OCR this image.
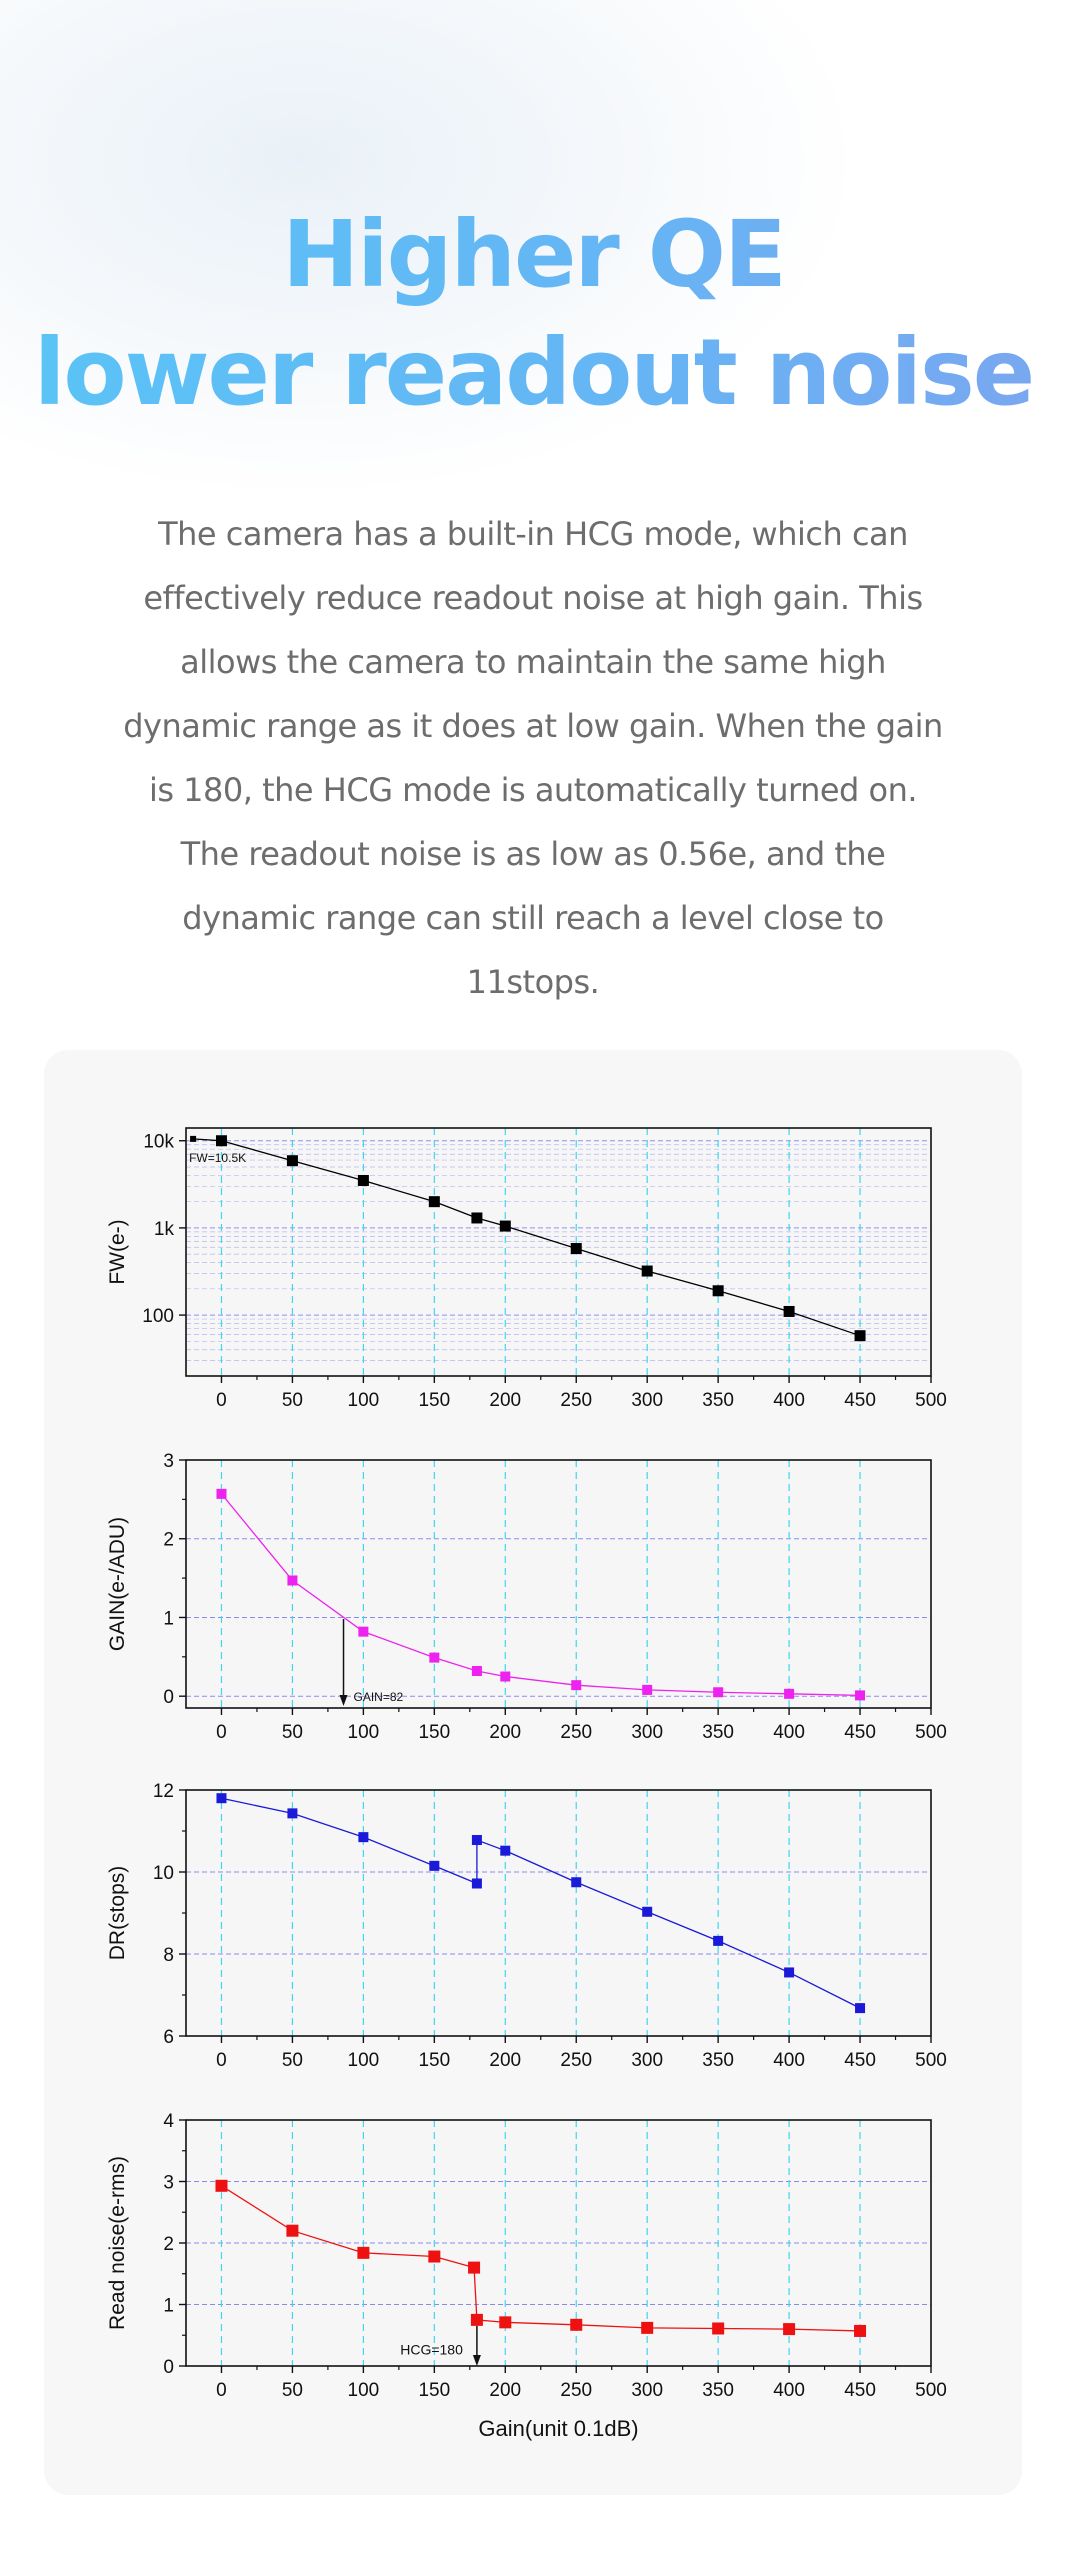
Higher QE
lower readout noise

The camera has a built-in HCG mode, which can effectively reduce readout noise at high gain. This allows the camera to maintain the same high dynamic range as it does at low gain. When the gain is 180, the HCG mode is automatically turned on. The readout noise is as low as 0.56e, and the dynamic range can still reach a level close to 11stops.

0	50 100 150 200 250 300 350 400 450 500
100
1k
10k
FW(e-)
FW=10.5K
0	50 100 150 200 250 300 350 400 450 500
0
1
2
3
GAIN(e-/ADU)
GAIN=82
0	50 100 150 200 250 300 350 400 450 500
6
8
10
12
DR(stops)
0	50 100 150 200 250 300 350 400 450 500
0
1
2
3
4
Read noise(e-rms)
Gain(unit 0.1dB)
HCG=180
